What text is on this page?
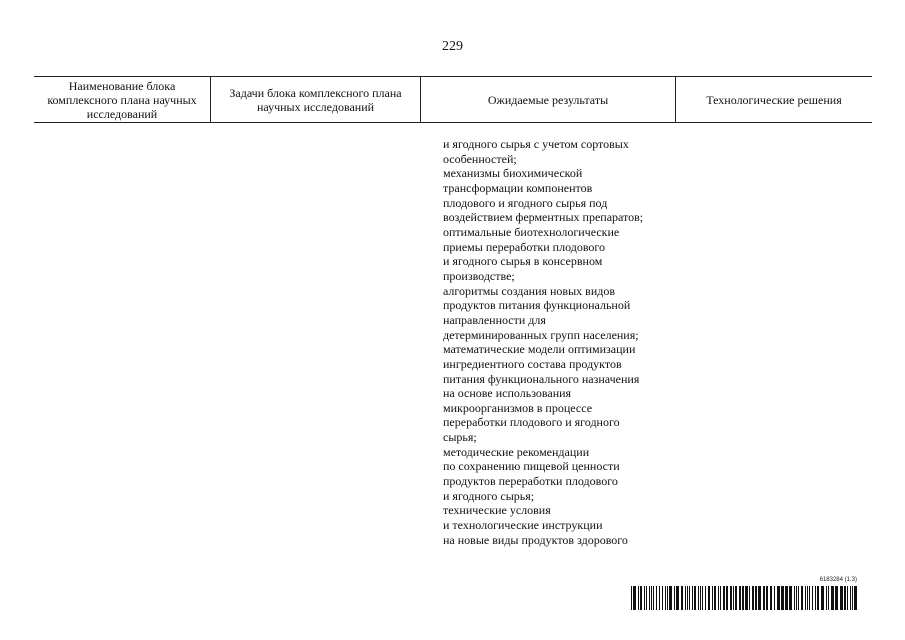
229
Наименование блока комплексного плана научных исследований
Задачи блока комплексного плана научных исследований	Ожидаемые результаты	Технологические решения
и ягодного сырья с учетом сортовых
особенностей;
механизмы биохимической
трансформации компонентов
плодового и ягодного сырья под
воздействием ферментных препаратов;
оптимальные биотехнологические
приемы переработки плодового
и ягодного сырья в консервном
производстве;
алгоритмы создания новых видов
продуктов питания функциональной
направленности для
детерминированных групп населения;
математические модели оптимизации
ингредиентного состава продуктов
питания функционального назначения
на основе использования
микроорганизмов в процессе
переработки плодового и ягодного
сырья;
методические рекомендации
по сохранению пищевой ценности
продуктов переработки плодового
и ягодного сырья;
технические условия
и технологические инструкции
на новые виды продуктов здорового
6183284 (1.3)
